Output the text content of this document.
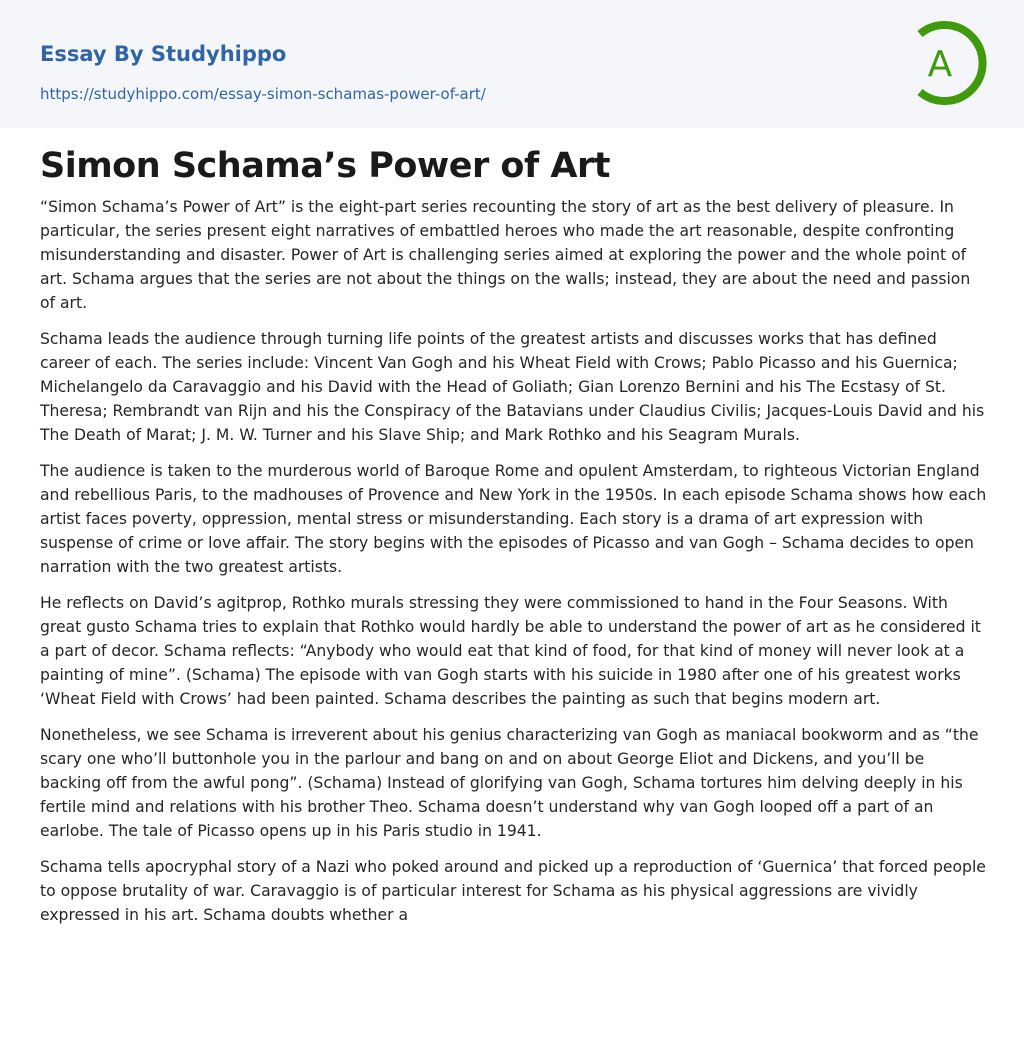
Essay By Studyhippo
https://studyhippo.com/essay-simon-schamas-power-of-art/
A
Simon Schama’s Power of Art

“Simon Schama’s Power of Art” is the eight-part series recounting the story of art as the best delivery of pleasure. In particular, the series present eight narratives of embattled heroes who made the art reasonable, despite confronting misunderstanding and disaster. Power of Art is challenging series aimed at exploring the power and the whole point of art. Schama argues that the series are not about the things on the walls; instead, they are about the need and passion of art.

Schama leads the audience through turning life points of the greatest artists and discusses works that has defined career of each. The series include: Vincent Van Gogh and his Wheat Field with Crows; Pablo Picasso and his Guernica; Michelangelo da Caravaggio and his David with the Head of Goliath; Gian Lorenzo Bernini and his The Ecstasy of St. Theresa; Rembrandt van Rijn and his the Conspiracy of the Batavians under Claudius Civilis; Jacques-Louis David and his The Death of Marat; J. M. W. Turner and his Slave Ship; and Mark Rothko and his Seagram Murals.

The audience is taken to the murderous world of Baroque Rome and opulent Amsterdam, to righteous Victorian England and rebellious Paris, to the madhouses of Provence and New York in the 1950s. In each episode Schama shows how each artist faces poverty, oppression, mental stress or misunderstanding. Each story is a drama of art expression with suspense of crime or love affair. The story begins with the episodes of Picasso and van Gogh – Schama decides to open narration with the two greatest artists.

He reflects on David’s agitprop, Rothko murals stressing they were commissioned to hand in the Four Seasons. With great gusto Schama tries to explain that Rothko would hardly be able to understand the power of art as he considered it a part of decor. Schama reflects: “Anybody who would eat that kind of food, for that kind of money will never look at a painting of mine”. (Schama) The episode with van Gogh starts with his suicide in 1980 after one of his greatest works ‘Wheat Field with Crows’ had been painted. Schama describes the painting as such that begins modern art.

Nonetheless, we see Schama is irreverent about his genius characterizing van Gogh as maniacal bookworm and as “the scary one who’ll buttonhole you in the parlour and bang on and on about George Eliot and Dickens, and you’ll be backing off from the awful pong”. (Schama) Instead of glorifying van Gogh, Schama tortures him delving deeply in his fertile mind and relations with his brother Theo. Schama doesn’t understand why van Gogh looped off a part of an earlobe. The tale of Picasso opens up in his Paris studio in 1941.

Schama tells apocryphal story of a Nazi who poked around and picked up a reproduction of ‘Guernica’ that forced people to oppose brutality of war. Caravaggio is of particular interest for Schama as his physical aggressions are vividly expressed in his art. Schama doubts whether a
